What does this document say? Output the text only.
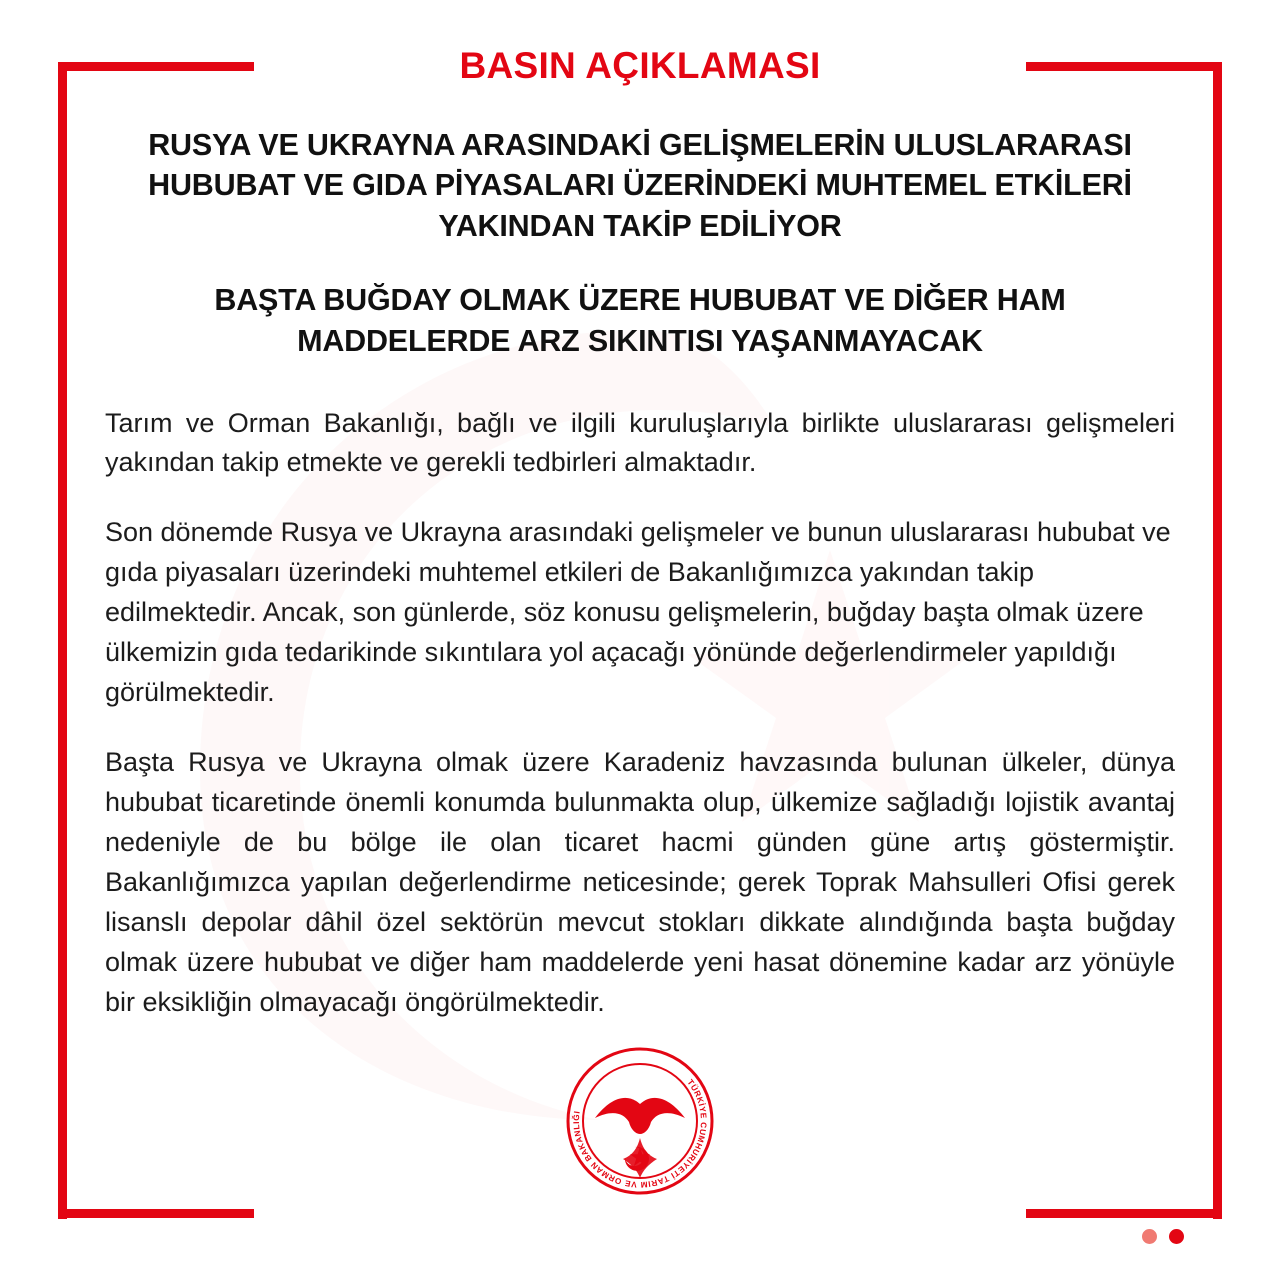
BASIN AÇIKLAMASI
RUSYA VE UKRAYNA ARASINDAKİ GELİŞMELERİN ULUSLARARASI HUBUBAT VE GIDA PİYASALARI ÜZERİNDEKİ MUHTEMEL ETKİLERİ YAKINDAN TAKİP EDİLİYOR
BAŞTA BUĞDAY OLMAK ÜZERE HUBUBAT VE DİĞER HAM MADDELERDE ARZ SIKINTISI YAŞANMAYACAK

Tarım ve Orman Bakanlığı, bağlı ve ilgili kuruluşlarıyla birlikte uluslararası gelişmeleri yakından takip etmekte ve gerekli tedbirleri almaktadır.

Son dönemde Rusya ve Ukrayna arasındaki gelişmeler ve bunun uluslararası hububat ve gıda piyasaları üzerindeki muhtemel etkileri de Bakanlığımızca yakından takip edilmektedir. Ancak, son günlerde, söz konusu gelişmelerin, buğday başta olmak üzere ülkemizin gıda tedarikinde sıkıntılara yol açacağı yönünde değerlendirmeler yapıldığı görülmektedir.

Başta Rusya ve Ukrayna olmak üzere Karadeniz havzasında bulunan ülkeler, dünya hububat ticaretinde önemli konumda bulunmakta olup, ülkemize sağladığı lojistik avantaj nedeniyle de bu bölge ile olan ticaret hacmi günden güne artış göstermiştir. Bakanlığımızca yapılan değerlendirme neticesinde; gerek Toprak Mahsulleri Ofisi gerek lisanslı depolar dâhil özel sektörün mevcut stokları dikkate alındığında başta buğday olmak üzere hububat ve diğer ham maddelerde yeni hasat dönemine kadar arz yönüyle bir eksikliğin olmayacağı öngörülmektedir.

TÜRKİYE CUMHURİYETİ TARIM VE ORMAN BAKANLIĞI
